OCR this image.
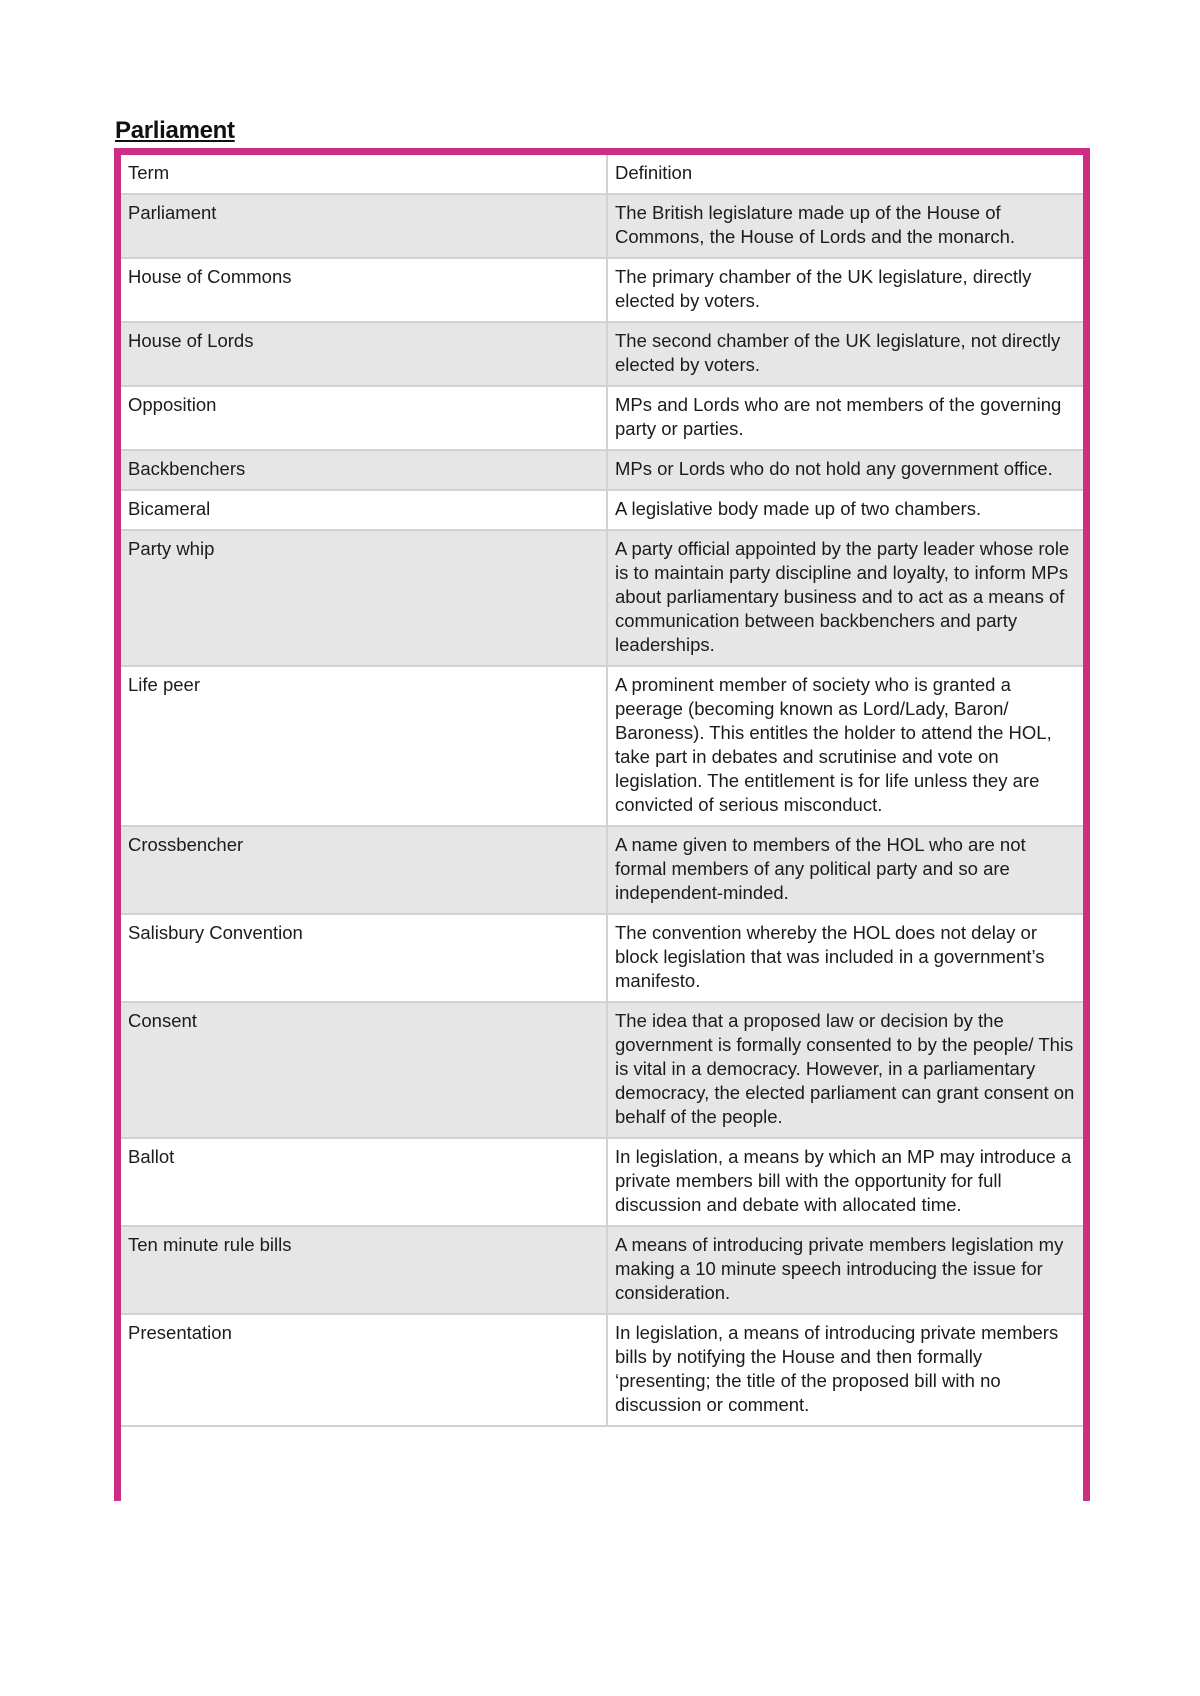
Parliament
Term	Definition
Parliament	The British legislature made up of the House of Commons, the House of Lords and the monarch.
House of Commons	The primary chamber of the UK legislature, directly elected by voters.
House of Lords	The second chamber of the UK legislature, not directly elected by voters.
Opposition	MPs and Lords who are not members of the governing party or parties.
Backbenchers	MPs or Lords who do not hold any government office.
Bicameral	A legislative body made up of two chambers.
Party whip	A party official appointed by the party leader whose role is to maintain party discipline and loyalty, to inform MPs about parliamentary business and to act as a means of communication between backbenchers and party leaderships.
Life peer	A prominent member of society who is granted a peerage (becoming known as Lord/Lady, Baron/ Baroness). This entitles the holder to attend the HOL, take part in debates and scrutinise and vote on legislation. The entitlement is for life unless they are convicted of serious misconduct.
Crossbencher	A name given to members of the HOL who are not formal members of any political party and so are independent-minded.
Salisbury Convention	The convention whereby the HOL does not delay or block legislation that was included in a government’s manifesto.
Consent	The idea that a proposed law or decision by the government is formally consented to by the people/ This is vital in a democracy. However, in a parliamentary democracy, the elected parliament can grant consent on behalf of the people.
Ballot	In legislation, a means by which an MP may introduce a private members bill with the opportunity for full discussion and debate with allocated time.
Ten minute rule bills	A means of introducing private members legislation my making a 10 minute speech introducing the issue for consideration.
Presentation	In legislation, a means of introducing private members bills by notifying the House and then formally ‘presenting; the title of the proposed bill with no discussion or comment.
